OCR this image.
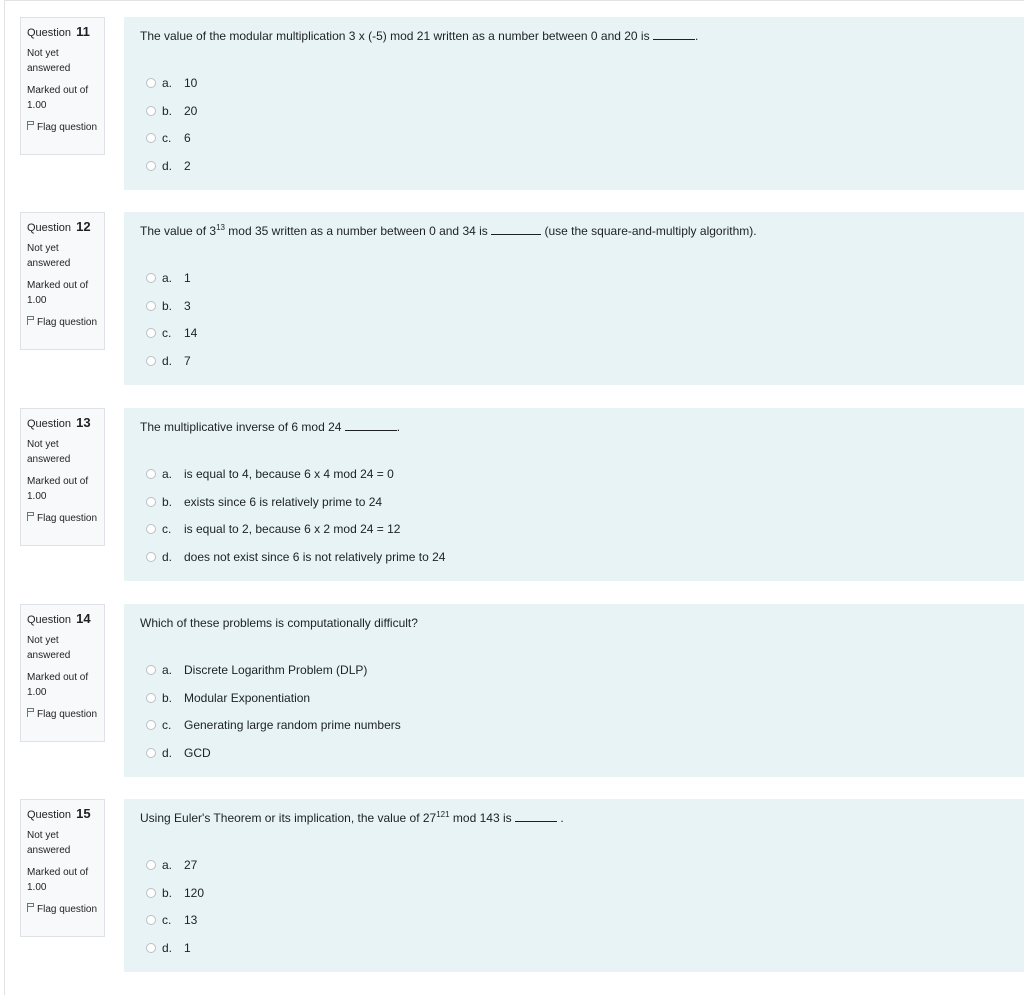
Question 11
Not yet answered
Marked out of 1.00
Flag question
The value of the modular multiplication 3 x (-5) mod 21 written as a number between 0 and 20 is	.
a. 10
b. 20
c.	6
d. 2
Question 12
Not yet answered
Marked out of 1.00
Flag question
The value of $3^{13}$ mod 35 written as a number between 0 and 34 is	(use the square-and-multiply algorithm).
a. 1
b. 3
c.	14
d. 7
Question 13
Not yet answered
Marked out of 1.00
Flag question
The multiplicative inverse of 6 mod 24	.
a. is equal to 4, because 6 x 4 mod 24 = 0
b. exists since 6 is relatively prime to 24
c.	is equal to 2, because 6 x 2 mod 24 = 12
d. does not exist since 6 is not relatively prime to 24
Question 14
Not yet answered
Marked out of 1.00
Flag question
Which of these problems is computationally difficult?
a. Discrete Logarithm Problem (DLP)
b. Modular Exponentiation
c.	Generating large random prime numbers
d. GCD
Question 15
Not yet answered
Marked out of 1.00
Flag question
Using Euler's Theorem or its implication, the value of $27^{121}$ mod 143 is	.
a. 27
b. 120
c.	13
d. 1
